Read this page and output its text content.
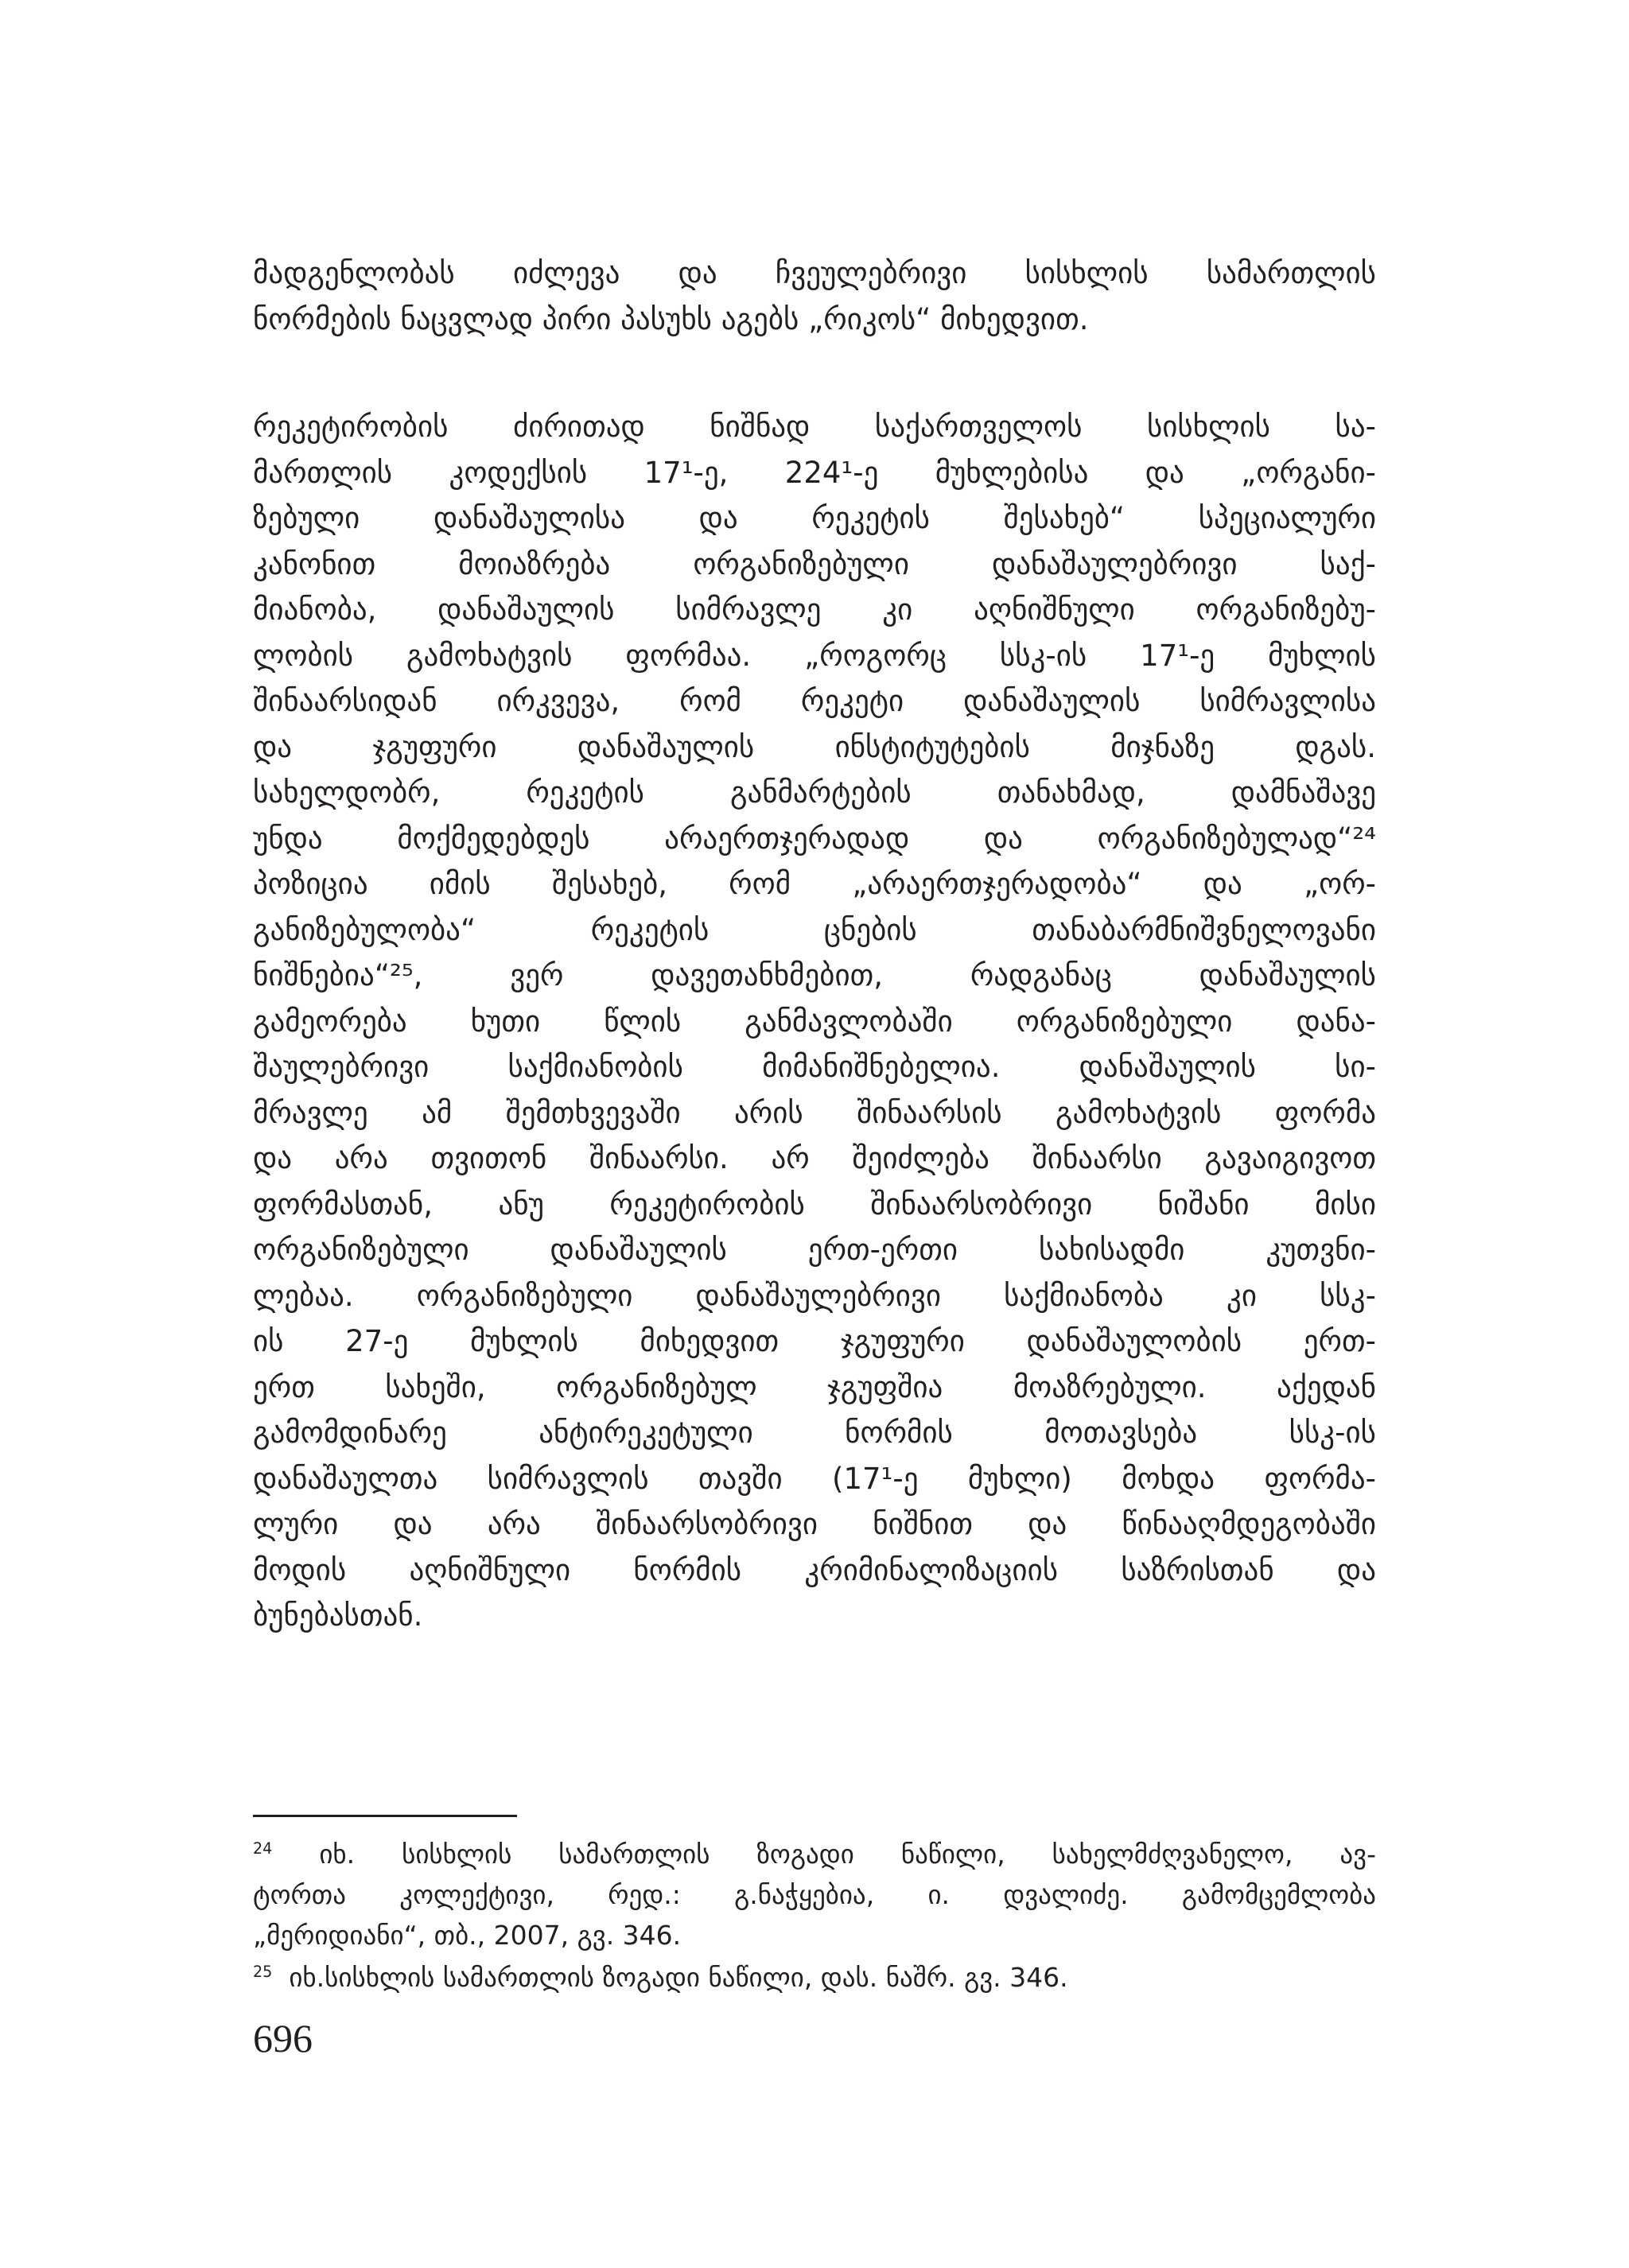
მადგენლობას იძლევა და ჩვეულებრივი სისხლის სამართლის
ნორმების ნაცვლად პირი პასუხს აგებს „რიკოს“ მიხედვით.
რეკეტირობის ძირითად ნიშნად საქართველოს სისხლის სა-
მართლის კოდექსის 17¹-ე, 224¹-ე მუხლებისა და „ორგანი-
ზებული დანაშაულისა და რეკეტის შესახებ“ სპეციალური
კანონით მოიაზრება ორგანიზებული დანაშაულებრივი საქ-
მიანობა, დანაშაულის სიმრავლე კი აღნიშნული ორგანიზებუ-
ლობის გამოხატვის ფორმაა. „როგორც სსკ-ის 17¹-ე მუხლის
შინაარსიდან ირკვევა, რომ რეკეტი დანაშაულის სიმრავლისა
და ჯგუფური დანაშაულის ინსტიტუტების მიჯნაზე დგას.
სახელდობრ, რეკეტის განმარტების თანახმად, დამნაშავე
უნდა მოქმედებდეს არაერთჯერადად და ორგანიზებულად“²⁴
პოზიცია იმის შესახებ, რომ „არაერთჯერადობა“ და „ორ-
განიზებულობა“ რეკეტის ცნების თანაბარმნიშვნელოვანი
ნიშნებია“²⁵, ვერ დავეთანხმებით, რადგანაც დანაშაულის
გამეორება ხუთი წლის განმავლობაში ორგანიზებული დანა-
შაულებრივი საქმიანობის მიმანიშნებელია. დანაშაულის სი-
მრავლე ამ შემთხვევაში არის შინაარსის გამოხატვის ფორმა
და არა თვითონ შინაარსი. არ შეიძლება შინაარსი გავაიგივოთ
ფორმასთან, ანუ რეკეტირობის შინაარსობრივი ნიშანი მისი
ორგანიზებული დანაშაულის ერთ-ერთი სახისადმი კუთვნი-
ლებაა. ორგანიზებული დანაშაულებრივი საქმიანობა კი სსკ-
ის 27-ე მუხლის მიხედვით ჯგუფური დანაშაულობის ერთ-
ერთ სახეში, ორგანიზებულ ჯგუფშია მოაზრებული. აქედან
გამომდინარე ანტირეკეტული ნორმის მოთავსება სსკ-ის
დანაშაულთა სიმრავლის თავში (17¹-ე მუხლი) მოხდა ფორმა-
ლური და არა შინაარსობრივი ნიშნით და წინააღმდეგობაში
მოდის აღნიშნული ნორმის კრიმინალიზაციის საზრისთან და
ბუნებასთან.
$^{24}$ იხ. სისხლის სამართლის ზოგადი ნაწილი, სახელმძღვანელო, ავ-
ტორთა კოლექტივი, რედ.: გ.ნაჭყებია, ი. დვალიძე. გამომცემლობა
„მერიდიანი“, თბ., 2007, გვ. 346.
$^{25}$  იხ.სისხლის სამართლის ზოგადი ნაწილი, დას. ნაშრ. გვ. 346.
696
